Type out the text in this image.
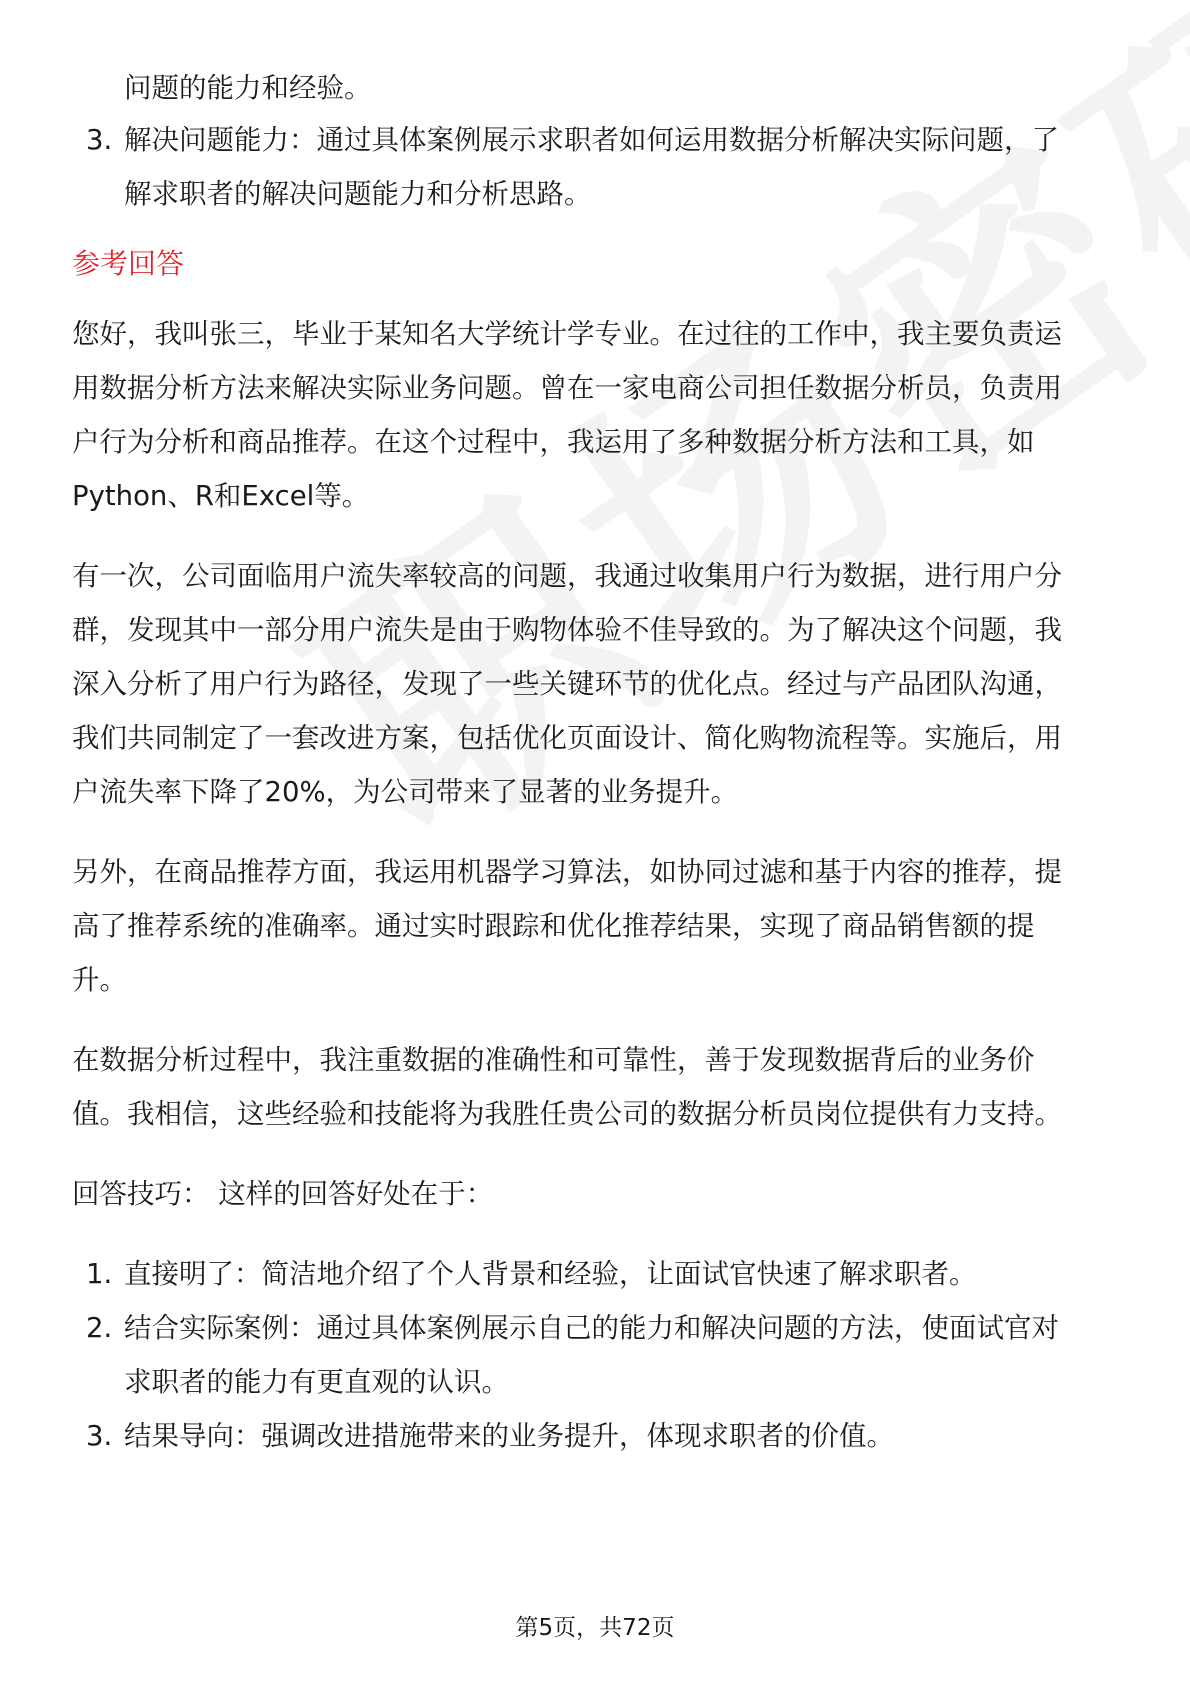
问题的能力和经验。
3. 解决问题能力：通过具体案例展示求职者如何运用数据分析解决实际问题，了
解求职者的解决问题能力和分析思路。
参考回答
您好，我叫张三，毕业于某知名大学统计学专业。在过往的工作中，我主要负责运
用数据分析方法来解决实际业务问题。曾在一家电商公司担任数据分析员，负责用
户行为分析和商品推荐。在这个过程中，我运用了多种数据分析方法和工具，如
Python、R和Excel等。
有一次，公司面临用户流失率较高的问题，我通过收集用户行为数据，进行用户分
群，发现其中一部分用户流失是由于购物体验不佳导致的。为了解决这个问题，我
深入分析了用户行为路径，发现了一些关键环节的优化点。经过与产品团队沟通，
我们共同制定了一套改进方案，包括优化页面设计、简化购物流程等。实施后，用
户流失率下降了20%，为公司带来了显著的业务提升。
另外，在商品推荐方面，我运用机器学习算法，如协同过滤和基于内容的推荐，提
高了推荐系统的准确率。通过实时跟踪和优化推荐结果，实现了商品销售额的提
升。
在数据分析过程中，我注重数据的准确性和可靠性，善于发现数据背后的业务价
值。我相信，这些经验和技能将为我胜任贵公司的数据分析员岗位提供有力支持。
回答技巧： 这样的回答好处在于：
1. 直接明了：简洁地介绍了个人背景和经验，让面试官快速了解求职者。
2. 结合实际案例：通过具体案例展示自己的能力和解决问题的方法，使面试官对
求职者的能力有更直观的认识。
3. 结果导向：强调改进措施带来的业务提升，体现求职者的价值。
第5页，共72页
